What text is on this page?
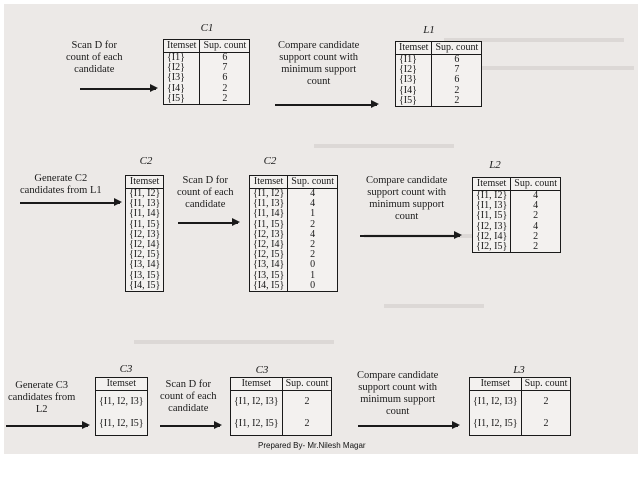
Scan D for
count of each
candidate
C1
Itemset	Sup. count
{I1}	6
{I2}	7
{I3}	6
{I4}	2
{I5}	2
Compare candidate
support count with
minimum support
count
L1
Itemset	Sup. count
{I1}	6
{I2}	7
{I3}	6
{I4}	2
{I5}	2
Generate C2
candidates from L1
C2
Itemset
{I1, I2}
{I1, I3}
{I1, I4}
{I1, I5}
{I2, I3}
{I2, I4}
{I2, I5}
{I3, I4}
{I3, I5}
{I4, I5}
Scan D for
count of each
candidate
C2
Itemset	Sup. count
{I1, I2}	4
{I1, I3}	4
{I1, I4}	1
{I1, I5}	2
{I2, I3}	4
{I2, I4}	2
{I2, I5}	2
{I3, I4}	0
{I3, I5}	1
{I4, I5}	0
Compare candidate
support count with
minimum support
count
L2
Itemset	Sup. count
{I1, I2}	4
{I1, I3}	4
{I1, I5}	2
{I2, I3}	4
{I2, I4}	2
{I2, I5}	2
Generate C3
candidates from
L2
C3
Itemset
{I1, I2, I3}
{I1, I2, I5}
Scan D for
count of each
candidate
C3
Itemset	Sup. count
{I1, I2, I3}	2
{I1, I2, I5}	2
Compare candidate
support count with
minimum support
count
L3
Itemset	Sup. count
{I1, I2, I3}	2
{I1, I2, I5}	2
Prepared By- Mr.Nilesh Magar
